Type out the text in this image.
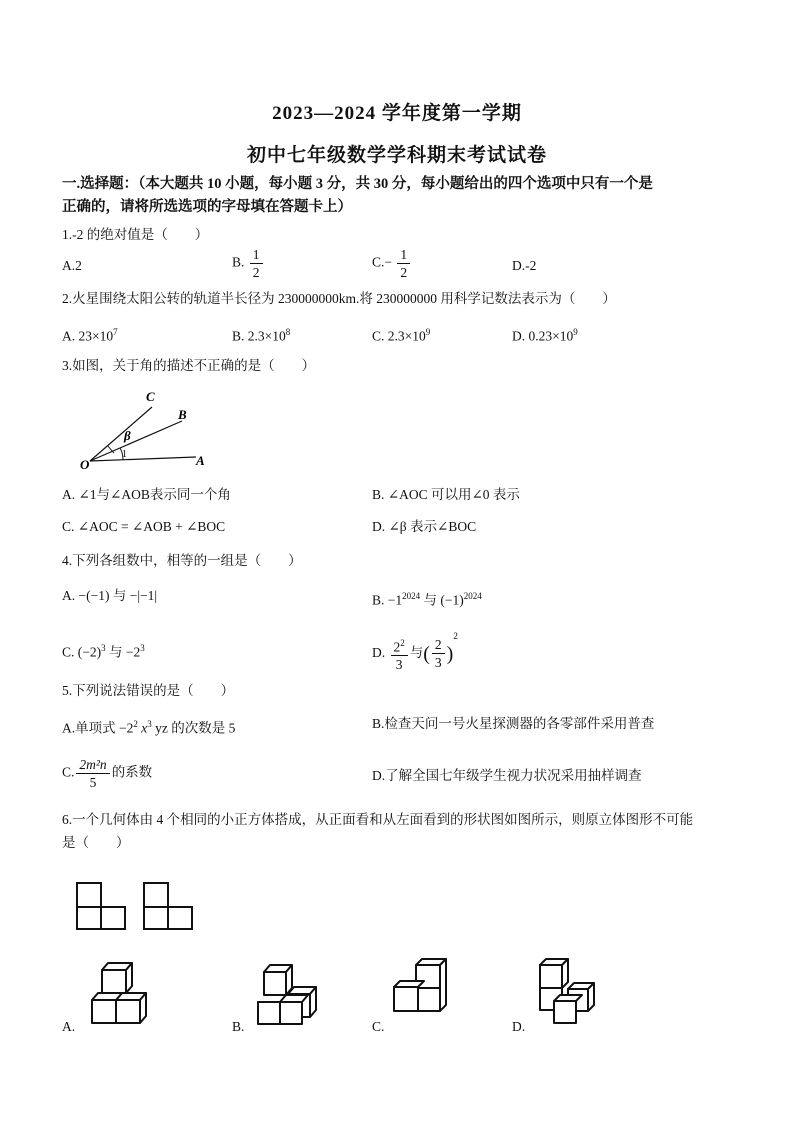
2023—2024 学年度第一学期
初中七年级数学学科期末考试试卷
一.选择题：（本大题共 10 小题，每小题 3 分，共 30 分，每小题给出的四个选项中只有一个是
正确的，请将所选选项的字母填在答题卡上）
1.-2 的绝对值是（　　）
A.2	B. $\frac{1}{2}$	$C.- \frac{1}{2}$	D.-2
2.火星围绕太阳公转的轨道半长径为 230000000km.将 230000000 用科学记数法表示为（　　）
A. $23\times 10^7$	B. $2.3\times 10^8$	C. $2.3\times 10^9$	D. $0.23\times 10^9$
3.如图，关于角的描述不正确的是（　　）
C
B
β
1
O	A
A. ∠1与∠AOB表示同一个角	B. ∠AOC 可以用∠0 表示
C. ∠AOC = ∠AOB + ∠BOC	D. ∠β 表示∠BOC
4.下列各组数中，相等的一组是（　　）
A. −(−1) 与 −|−1|	B. $-1^{2024}$ 与 $(-1)^{2024}$
C. $(-2)^3$ 与 $-2^3$	D. $\frac{2^2}{3}$ 与( $\frac{2}{3} )^2$
5.下列说法错误的是（　　）
A.单项式 $-2^2$ $x^3$ yz 的次数是 5	B.检查天问一号火星探测器的各零部件采用普查
C. $\frac{\text{2m²n}}{5}$ 的系数	D.了解全国七年级学生视力状况采用抽样调查
6.一个几何体由 4 个相同的小正方体搭成，从正面看和从左面看到的形状图如图所示，则原立体图形不可能
是（　　）
A.	B.	C.	D.
